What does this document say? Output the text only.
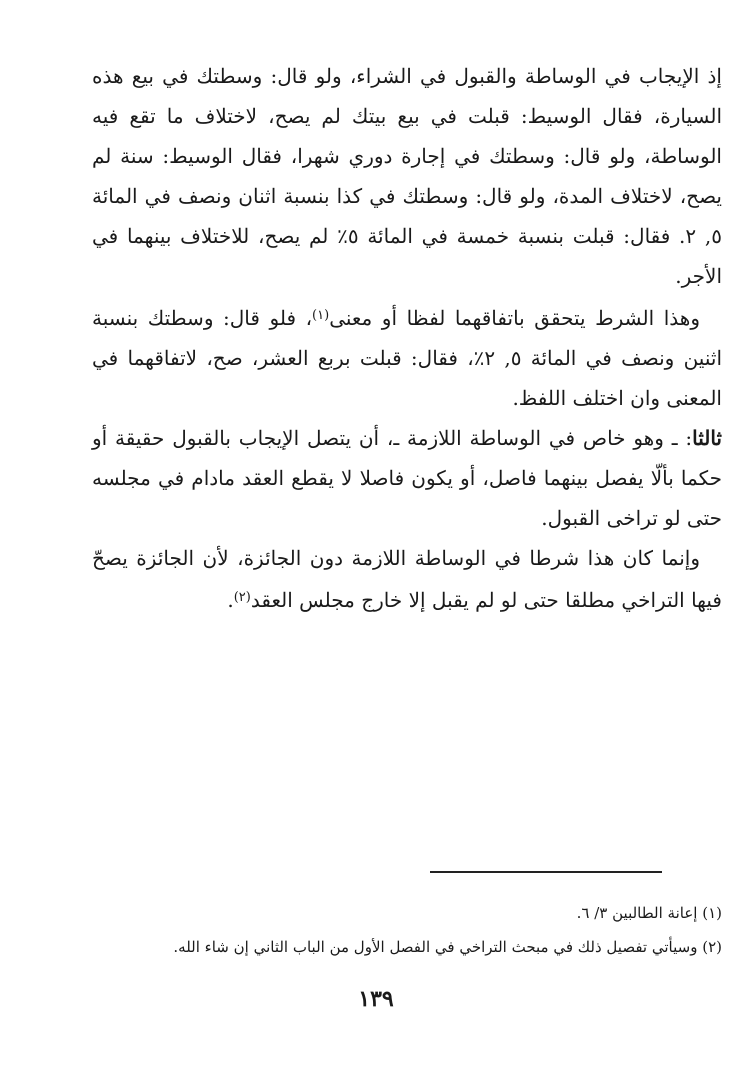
إذ الإيجاب في الوساطة والقبول في الشراء، ولو قال: وسطتك في بيع هذه السيارة، فقال الوسيط: قبلت في بيع بيتك لم يصح، لاختلاف ما تقع فيه الوساطة، ولو قال: وسطتك في إجارة دوري شهرا، فقال الوسيط: سنة لم يصح، لاختلاف المدة، ولو قال: وسطتك في كذا بنسبة اثنان ونصف في المائة ٥, ٢. فقال: قبلت بنسبة خمسة في المائة ٥٪ لم يصح، للاختلاف بينهما في الأجر.

وهذا الشرط يتحقق باتفاقهما لفظا أو معنى$^{(١)}$، فلو قال: وسطتك بنسبة اثنين ونصف في المائة ٥, ٢٪، فقال: قبلت بربع العشر، صح، لاتفاقهما في المعنى وان اختلف اللفظ.

ثالثا: ـ وهو خاص في الوساطة اللازمة ـ، أن يتصل الإيجاب بالقبول حقيقة أو حكما بألّا يفصل بينهما فاصل، أو يكون فاصلا لا يقطع العقد مادام في مجلسه حتى لو تراخى القبول.

وإنما كان هذا شرطا في الوساطة اللازمة دون الجائزة، لأن الجائزة يصحّ فيها التراخي مطلقا حتى لو لم يقبل إلا خارج مجلس العقد$^{(٢)}$.

(١) إعانة الطالبين ٣/ ٦.

(٢) وسيأتي تفصيل ذلك في مبحث التراخي في الفصل الأول من الباب الثاني إن شاء الله.

١٣٩
